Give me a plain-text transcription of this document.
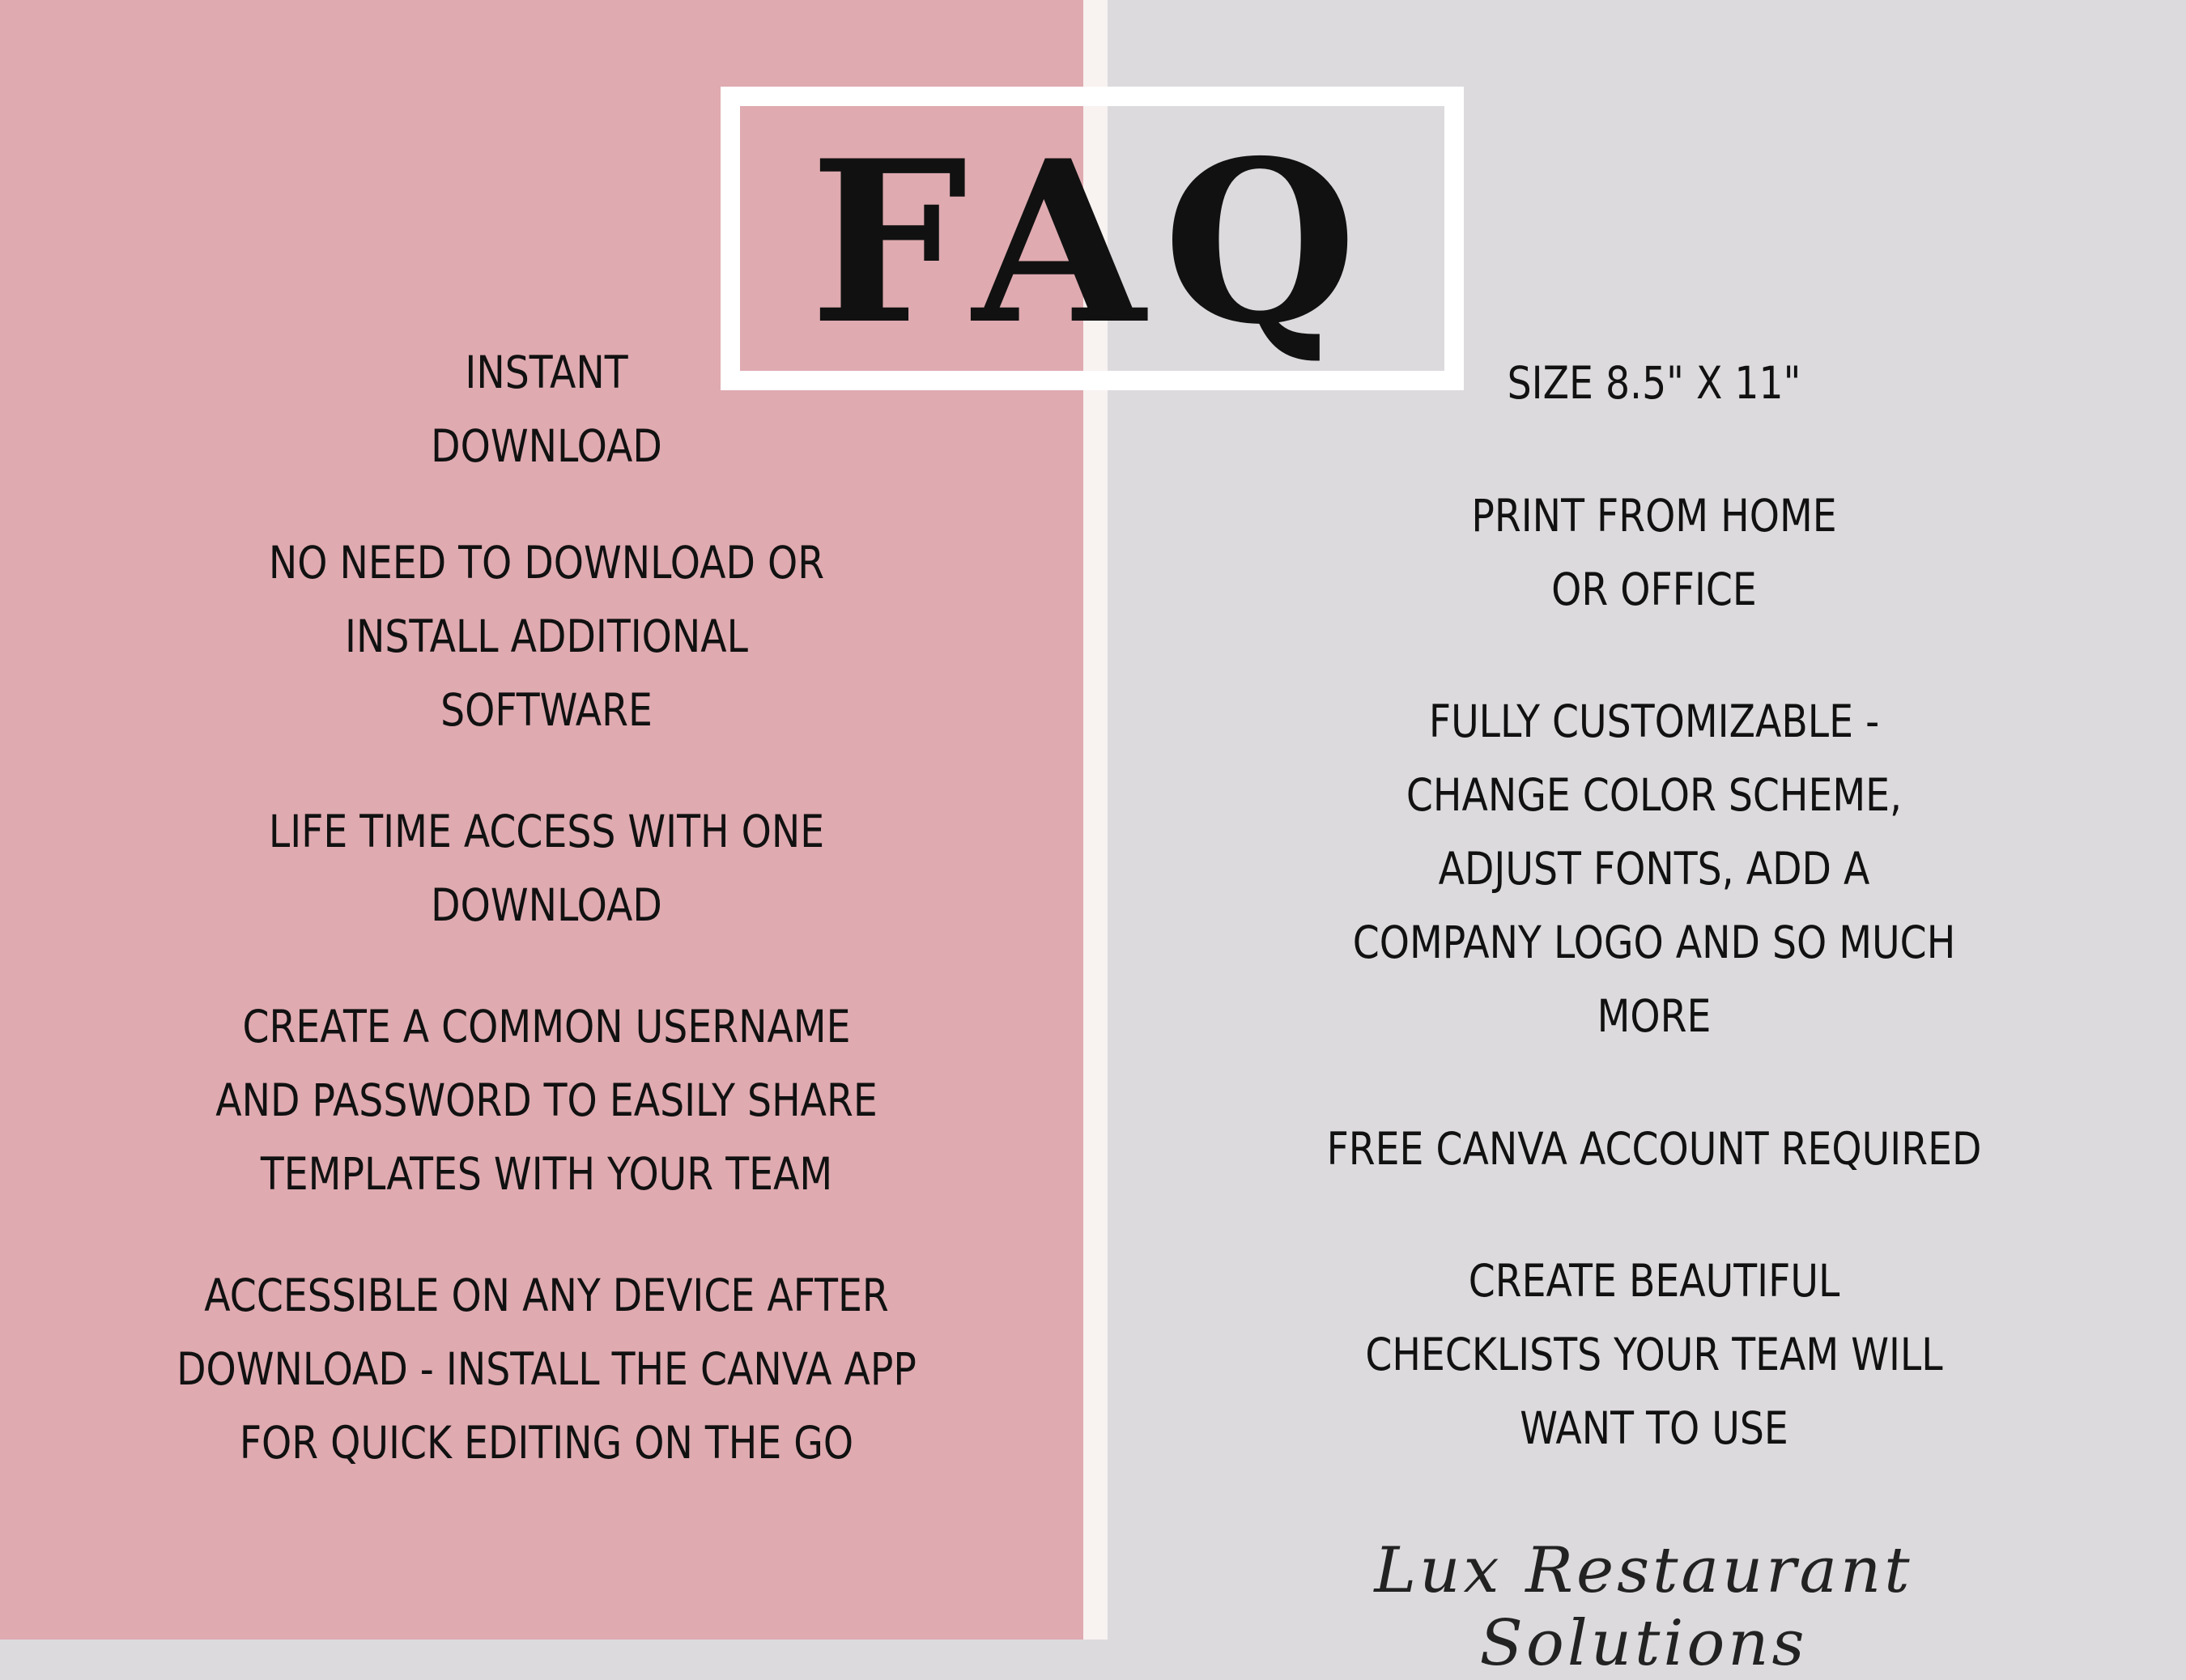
FAQ
INSTANT
DOWNLOAD
NO NEED TO DOWNLOAD OR
INSTALL ADDITIONAL
SOFTWARE
LIFE TIME ACCESS WITH ONE
DOWNLOAD
CREATE A COMMON USERNAME
AND PASSWORD TO EASILY SHARE
TEMPLATES WITH YOUR TEAM
ACCESSIBLE ON ANY DEVICE AFTER
DOWNLOAD - INSTALL THE CANVA APP
FOR QUICK EDITING ON THE GO
SIZE 8.5" X 11"
PRINT FROM HOME
OR OFFICE
FULLY CUSTOMIZABLE -
CHANGE COLOR SCHEME,
ADJUST FONTS, ADD A
COMPANY LOGO AND SO MUCH
MORE
FREE CANVA ACCOUNT REQUIRED
CREATE BEAUTIFUL
CHECKLISTS YOUR TEAM WILL
WANT TO USE
Lux Restaurant Solutions
